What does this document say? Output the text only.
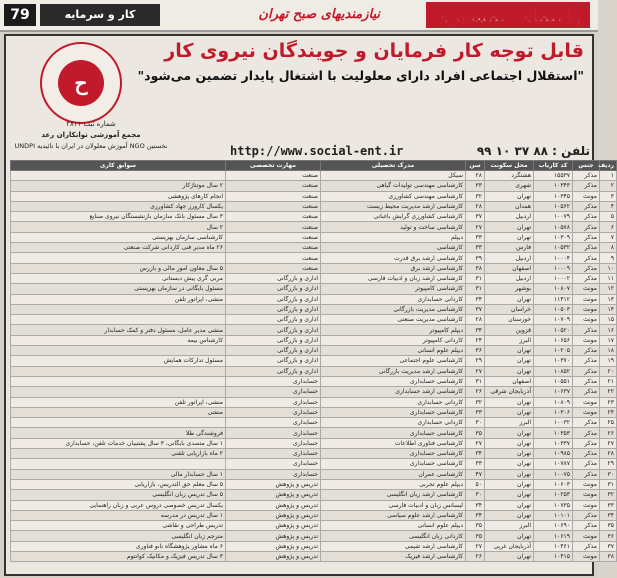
79	کار و سرمایه	نیازمندیهای صبح تهران	راهنمای همشهری
ح
شماره ثبت ۲۸۱۱
مجمع آموزشی توانکاران رعد
نخستین NGO آموزش معلولان در ایران با تائیدیه UNDPI
قابل توجه کار فرمایان و جویندگان نیروی کار
"استقلال اجتماعی افراد دارای معلولیت با اشتغال پایدار تضمین می‌شود"
http://www.social-ent.ir	تلفن : ۸۸ ۳۷ ۱۰ ۹۹
ردیف	جنس	کد کاریاب	محل سکونت	سن	مدرک تحصیلی	مهارت تخصصی	سوابق کاری
۱	مذکر	۱۵۵۳۷	هشتگرد	۲۸	سیکل	صنعت	
۲	مذکر	۱۰۳۴۳	شهری	۳۳	کارشناسی مهندسی تولیدات گیاهی	صنعت	۲ سال موتناژکار
۳	مونث	۱۰۳۴۵	تهران	۳۲	کارشناسی مهندسی کشاورزی	صنعت	انجام کارهای پژوهشی
۴	مذکر	۱۰۵۶۲	همدان	۲۸	کارشناسی ارشد مدیریت محیط زیست	صنعت	یکسال کارورز جهاد کشاورزی
۵	مذکر	۱۰۰۷۹	اردبیل	۳۷	کارشناسی کشاورزی گرایش باغبانی	صنعت	۳ سال مسئول بانک سازمان بازنشستگان نیروی صنایع
۶	مذکر	۱۰۵۷۸	تهران	۲۷	کارشناسی ساخت و تولید	صنعت	۲ سال
۷	مذکر	۱۰۳۰۹	تهران	۳۳	دیپلم	صنعت	کارشناسی سازمان بهزیستی
۸	مذکر	۱۰۵۳۲	فارس	۳۳	کارشناسی	صنعت	۲۶ ماه مدیر فنی کاردانی شرکت صنعتی
۹	مذکر	۱۰۰۰۴	اردبیل	۳۹	کارشناسی ارشد برق قدرت	صنعت	
۱۰	مذکر	۱۰۰۰۹	اصفهان	۳۸	کارشناسی ارشد برق	صنعت	۵ سال معاون امور مالی و بازرس
۱۱	مذکر	۱۰۰۰۲	اردبیل	۳۱	کارشناسی ارشد زبان و ادبیات فارسی	اداری و بازرگانی	مربی گری پیش دبستانی
۱۲	مونث	۱۰۸۰۷	بوشهر	۳۱	کارشناسی کامپیوتر	اداری و بازرگانی	مسئول بایگانی در سازمان بهزیستی
۱۳	مونث	۱۱۴۱۲	تهران	۳۴	کاردانی حسابداری	اداری و بازرگانی	منشی، اپراتور تلفن
۱۴	مونث	۱۰۵۰۳	خراسان	۳۷	کارشناسی مدیریت بازرگانی	اداری و بازرگانی	
۱۵	مونث	۱۰۷۰۹	خوزستان	۲۸	کارشناسی مدیریت صنعتی	اداری و بازرگانی	
۱۶	مذکر	۱۰۵۲۰	قزوین	۳۴	دیپلم کامپیوتر	اداری و بازرگانی	منشی مدیر عامل، مسئول دفتر و کمک حسابدار
۱۷	مونث	۱۰۶۵۶	البرز	۲۴	کاردانی کامپیوتر	اداری و بازرگانی	کارشناس بیمه
۱۸	مذکر	۱۰۲۰۵	تهران	۳۶	دیپلم علوم انسانی	اداری و بازرگانی	
۱۹	مذکر	۱۰۳۷۰	تهران	۲۹	کارشناسی علوم اجتماعی	اداری و بازرگانی	مسئول تدارکات همایش
۲۰	مذکر	۱۰۸۵۲	تهران	۲۷	کارشناسی ارشد مدیریت بازرگانی	اداری و بازرگانی	
۲۱	مذکر	۱۰۵۵۱	اصفهان	۳۱	کارشناسی حسابداری	حسابداری	
۲۲	مذکر	۱۰۶۳۷	آذربایجان شرقی	۲۶	کارشناسی ارشد حسابداری	حسابداری	
۲۳	مونث	۱۰۸۰۹	تهران	۳۲	کاردانی حسابداری	حسابداری	منشی، اپراتور تلفن
۲۴	مونث	۱۰۳۰۶	تهران	۳۳	کارشناسی حسابداری	حسابداری	منشی
۲۵	مذکر	۱۰۰۳۲	البرز	۳۰	کاردانی حسابداری	حسابداری	
۲۶	مذکر	۱۰۳۵۳	تهران	۳۵	کارشناسی حسابداری	حسابداری	فروشندگی طلا
۲۷	مذکر	۱۰۳۳۷	تهران	۲۷	کارشناسی فناوری اطلاعات	حسابداری	۱ سال متصدی بایگانی، ۳ سال پشتیبان خدمات تلفن، حسابداری
۲۸	مذکر	۱۰۹۸۵	تهران	۳۴	کارشناسی حسابداری	حسابداری	۲ ماه بازاریابی تلفنی
۲۹	مذکر	۱۰۷۸۷	تهران	۳۳	کارشناسی حسابداری	حسابداری	
۳۰	مذکر	۱۰۰۷۵	تهران	۴۷	کارشناسی عمران	حسابداری	۱ سال حسابدار مالی
۳۱	مونث	۱۰۶۰۳	تهران	۵۰	دیپلم علوم تجربی	تدریس و پژوهش	۵ سال معلم حق التدریس، بازاریابی
۳۲	مونث	۱۰۲۵۳	تهران	۳۰	کارشناسی ارشد زبان انگلیسی	تدریس و پژوهش	۵ سال تدریس زبان انگلیسی
۳۳	مونث	۱۰۷۳۵	تهران	۳۴	لیسانس زبان و ادبیات فارسی	تدریس و پژوهش	یکسال تدریس خصوصی دروس عربی و زبان راهنمایی
۳۴	مذکر	۱۰۱۰۱	تهران	۳۴	کارشناسی ارشد علوم سیاسی	تدریس و پژوهش	۱ سال تدریس در مدرسه
۳۵	مذکر	۱۰۶۹۰	البرز	۳۵	دیپلم علوم انسانی	تدریس و پژوهش	تدریس طراحی و نقاشی
۳۶	مونث	۱۰۶۱۹	تهران	۳۵	کاردانی زبان انگلیسی	تدریس و پژوهش	مترجم زبان انگلیسی
۳۷	مذکر	۱۰۴۶۱	آذربایجان غربی	۲۷	کارشناسی ارشد شیمی	تدریس و پژوهش	۶ ماه مشاور پژوهشگاه نانو فناوری
۳۸	مونث	۱۰۴۱۵	تهران	۲۶	کارشناسی ارشد فیزیک	تدریس و پژوهش	۳ سال تدریس فیزیک و مکانیک کوانتوم
